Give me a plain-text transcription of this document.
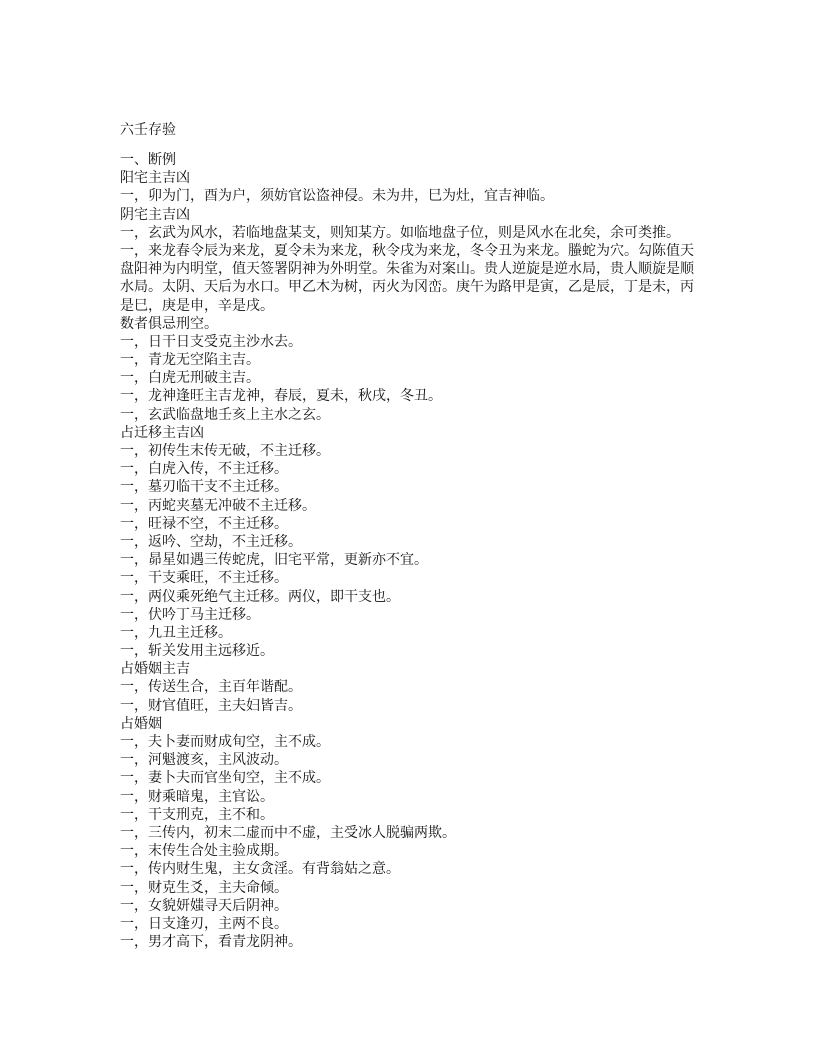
六壬存验
一、断例
阳宅主吉凶
一，卯为门，酉为户，须妨官讼盗神侵。未为井，巳为灶，宜吉神临。
阴宅主吉凶
一，玄武为风水，若临地盘某支，则知某方。如临地盘子位，则是风水在北矣，余可类推。
一，来龙春令辰为来龙，夏令未为来龙，秋令戌为来龙，冬令丑为来龙。螣蛇为穴。勾陈值天
盘阳神为内明堂，值天签署阴神为外明堂。朱雀为对案山。贵人逆旋是逆水局，贵人顺旋是顺
水局。太阴、天后为水口。甲乙木为树，丙火为冈峦。庚午为路甲是寅，乙是辰，丁是未，丙
是巳，庚是申，辛是戌。
数者俱忌刑空。
一，日干日支受克主沙水去。
一，青龙无空陷主吉。
一，白虎无刑破主吉。
一，龙神逢旺主吉龙神，春辰，夏未，秋戌，冬丑。
一，玄武临盘地壬亥上主水之玄。
占迁移主吉凶
一，初传生末传无破，不主迁移。
一，白虎入传，不主迁移。
一，墓刃临干支不主迁移。
一，丙蛇夹墓无冲破不主迁移。
一，旺禄不空，不主迁移。
一，返吟、空劫，不主迁移。
一，昴星如遇三传蛇虎，旧宅平常，更新亦不宜。
一，干支乘旺，不主迁移。
一，两仪乘死绝气主迁移。两仪，即干支也。
一，伏吟丁马主迁移。
一，九丑主迁移。
一，斩关发用主远移近。
占婚姻主吉
一，传送生合，主百年谐配。
一，财官值旺，主夫妇皆吉。
占婚姻
一，夫卜妻而财成旬空，主不成。
一，河魁渡亥，主风波动。
一，妻卜夫而官坐旬空，主不成。
一，财乘暗鬼，主官讼。
一，干支刑克，主不和。
一，三传内，初末二虚而中不虚，主受冰人脱骗两欺。
一，末传生合处主验成期。
一，传内财生鬼，主女贪淫。有背翁姑之意。
一，财克生爻，主夫命倾。
一，女貌妍媸寻天后阴神。
一，日支逢刃，主两不良。
一，男才高下，看青龙阴神。
